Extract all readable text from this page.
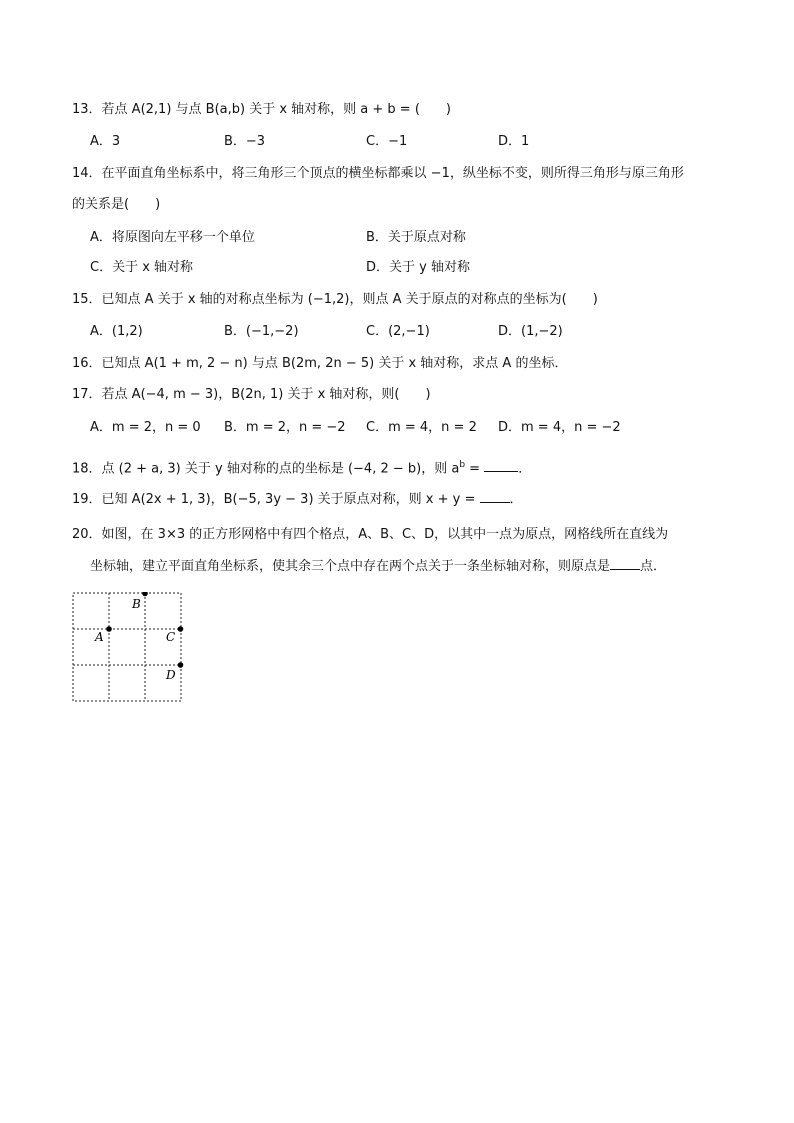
13．若点 A(2,1) 与点 B(a,b) 关于 x 轴对称，则 a + b = (　　)
A．3	B．−3	C．−1	D．1
14．在平面直角坐标系中，将三角形三个顶点的横坐标都乘以 −1，纵坐标不变，则所得三角形与原三角形
的关系是(　　)
A．将原图向左平移一个单位	B．关于原点对称
C．关于 x 轴对称	D．关于 y 轴对称
15．已知点 A 关于 x 轴的对称点坐标为 (−1,2)，则点 A 关于原点的对称点的坐标为(　　)
A．(1,2)	B．(−1,−2)	C．(2,−1)	D．(1,−2)
16．已知点 A(1 + m, 2 − n) 与点 B(2m, 2n − 5) 关于 x 轴对称，求点 A 的坐标．
17．若点 A(−4, m − 3)，B(2n, 1) 关于 x 轴对称，则(　　)
A．m = 2，n = 0 B．m = 2，n = −2 C．m = 4，n = 2 D．m = 4，n = −2
18．点 (2 + a, 3) 关于 y 轴对称的点的坐标是 (−4, 2 − b)，则 $a^b$ =	．
19．已知 A(2x + 1, 3)，B(−5, 3y − 3) 关于原点对称，则 x + y = ．
20．如图，在 3×3 的正方形网格中有四个格点，A、B、C、D，以其中一点为原点，网格线所在直线为
坐标轴，建立平面直角坐标系，使其余三个点中存在两个点关于一条坐标轴对称，则原点是 点．
B
A	C
D
